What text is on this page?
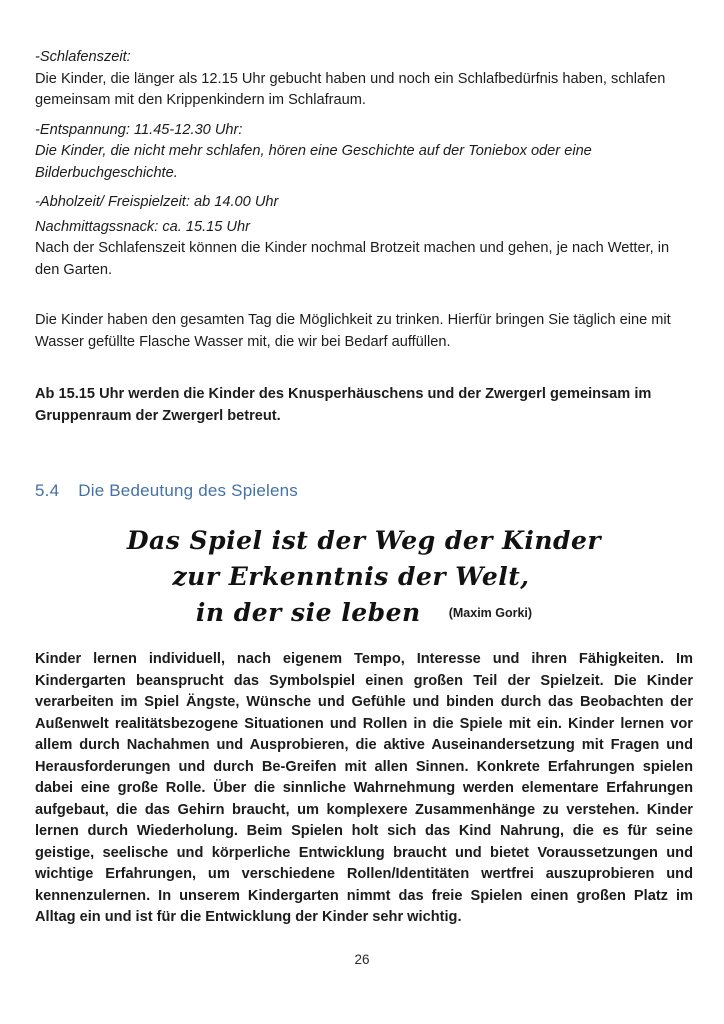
-Schlafenszeit:

Die Kinder, die länger als 12.15 Uhr gebucht haben und noch ein Schlafbedürfnis haben, schlafen gemeinsam mit den Krippenkindern im Schlafraum.

-Entspannung: 11.45-12.30 Uhr:

Die Kinder, die nicht mehr schlafen, hören eine Geschichte auf der Toniebox oder eine Bilderbuchgeschichte.

-Abholzeit/ Freispielzeit: ab 14.00 Uhr

Nachmittagssnack: ca. 15.15 Uhr

Nach der Schlafenszeit können die Kinder nochmal Brotzeit machen und gehen, je nach Wetter, in den Garten.

Die Kinder haben den gesamten Tag die Möglichkeit zu trinken. Hierfür bringen Sie täglich eine mit Wasser gefüllte Flasche Wasser mit, die wir bei Bedarf auffüllen.

Ab 15.15 Uhr werden die Kinder des Knusperhäuschens und der Zwergerl gemeinsam im Gruppenraum der Zwergerl betreut.

5.4 Die Bedeutung des Spielens
Das Spiel ist der Weg der Kinder
zur Erkenntnis der Welt,
in der sie leben (Maxim Gorki)

Kinder lernen individuell, nach eigenem Tempo, Interesse und ihren Fähigkeiten. Im Kindergarten beansprucht das Symbolspiel einen großen Teil der Spielzeit. Die Kinder verarbeiten im Spiel Ängste, Wünsche und Gefühle und binden durch das Beobachten der Außenwelt realitätsbezogene Situationen und Rollen in die Spiele mit ein. Kinder lernen vor allem durch Nachahmen und Ausprobieren, die aktive Auseinandersetzung mit Fragen und Herausforderungen und durch Be-Greifen mit allen Sinnen. Konkrete Erfahrungen spielen dabei eine große Rolle. Über die sinnliche Wahrnehmung werden elementare Erfahrungen aufgebaut, die das Gehirn braucht, um komplexere Zusammenhänge zu verstehen. Kinder lernen durch Wiederholung. Beim Spielen holt sich das Kind Nahrung, die es für seine geistige, seelische und körperliche Entwicklung braucht und bietet Voraussetzungen und wichtige Erfahrungen, um verschiedene Rollen/Identitäten wertfrei auszuprobieren und kennenzulernen. In unserem Kindergarten nimmt das freie Spielen einen großen Platz im Alltag ein und ist für die Entwicklung der Kinder sehr wichtig.

26
